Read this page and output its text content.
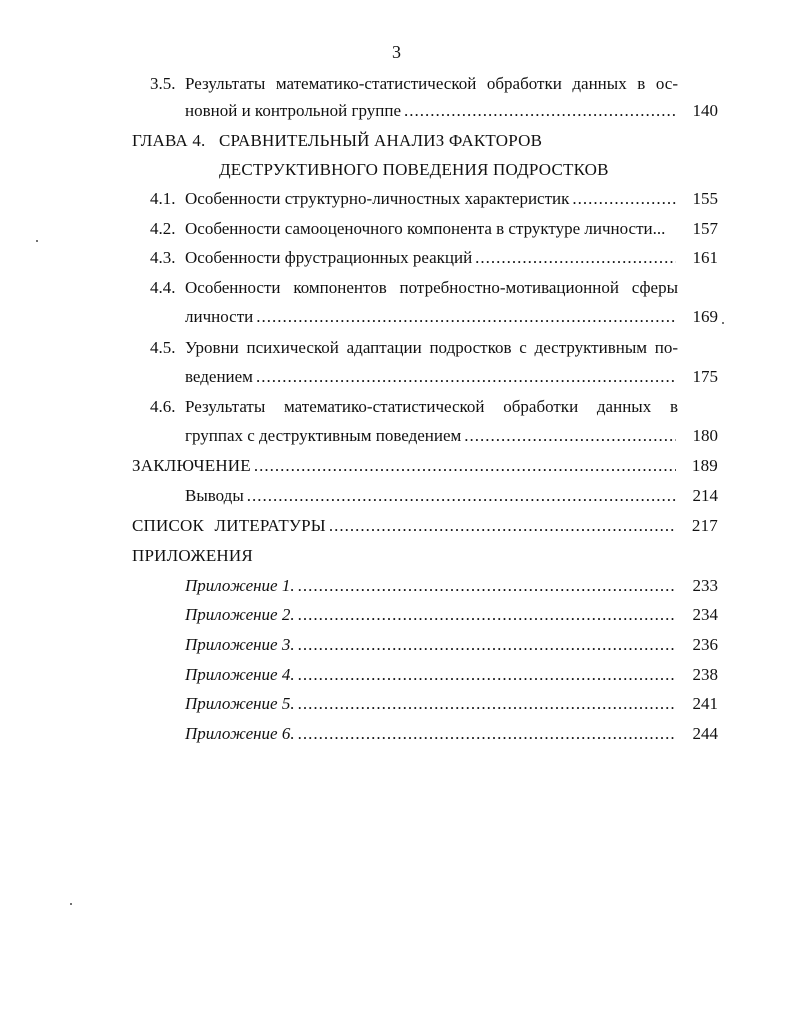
3
3.5. Результаты математико-статистической обработки данных в ос-
новной и контрольной группе .....	140
ГЛАВА 4. СРАВНИТЕЛЬНЫЙ АНАЛИЗ ФАКТОРОВ
ДЕСТРУКТИВНОГО ПОВЕДЕНИЯ ПОДРОСТКОВ
4.1. Особенности структурно-личностных характеристик .....	155
4.2. Особенности самооценочного компонента в структуре личности...	157
4.3. Особенности фрустрационных реакций .....	161
4.4. Особенности компонентов потребностно-мотивационной сферы
личности .....	169
4.5. Уровни психической адаптации подростков с деструктивным по-
ведением .....	175
4.6. Результаты математико-статистической обработки данных в
группах с деструктивным поведением .....	180
ЗАКЛЮЧЕНИЕ .....	189
Выводы .....	214
СПИСОК ЛИТЕРАТУРЫ .....	217
ПРИЛОЖЕНИЯ
Приложение 1. .....	233
Приложение 2. .....	234
Приложение 3. .....	236
Приложение 4. .....	238
Приложение 5. .....	241
Приложение 6. .....	244
